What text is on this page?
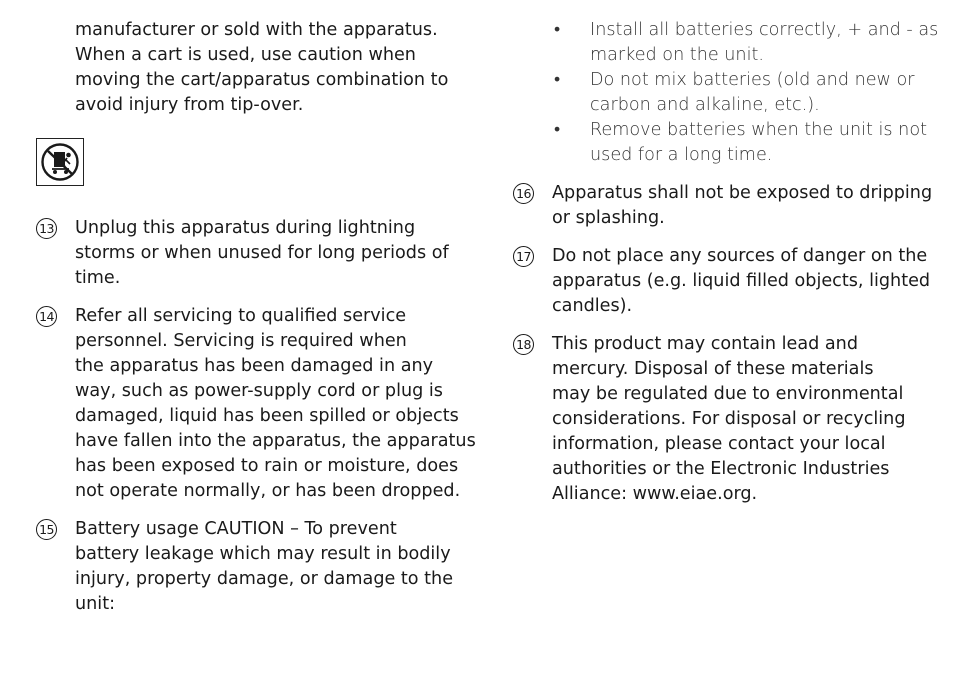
manufacturer or sold with the apparatus.
When a cart is used, use caution when
moving the cart/apparatus combination to
avoid injury from tip-over.
13 Unplug this apparatus during lightning
storms or when unused for long periods of
time.
14 Refer all servicing to qualified service
personnel. Servicing is required when
the apparatus has been damaged in any
way, such as power-supply cord or plug is
damaged, liquid has been spilled or objects
have fallen into the apparatus, the apparatus
has been exposed to rain or moisture, does
not operate normally, or has been dropped.
15 Battery usage CAUTION – To prevent
battery leakage which may result in bodily
injury, property damage, or damage to the
unit:
• Install all batteries correctly, + and - as
marked on the unit.
• Do not mix batteries (old and new or
carbon and alkaline, etc.).
• Remove batteries when the unit is not
used for a long time.
16 Apparatus shall not be exposed to dripping
or splashing.
17 Do not place any sources of danger on the
apparatus (e.g. liquid filled objects, lighted
candles).
18 This product may contain lead and
mercury. Disposal of these materials
may be regulated due to environmental
considerations. For disposal or recycling
information, please contact your local
authorities or the Electronic Industries
Alliance: www.eiae.org.
